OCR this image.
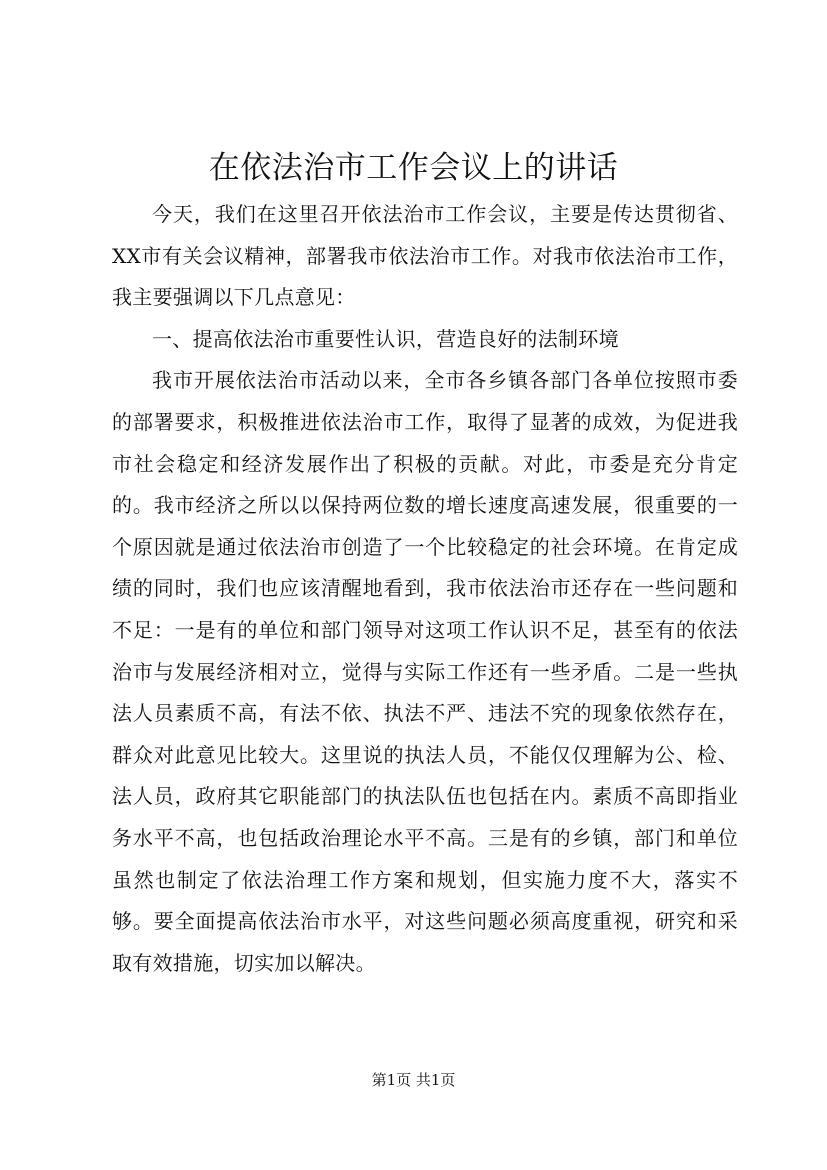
在依法治市工作会议上的讲话

今天，我们在这里召开依法治市工作会议，主要是传达贯彻省、XX市有关会议精神，部署我市依法治市工作。对我市依法治市工作，我主要强调以下几点意见：

一、提高依法治市重要性认识，营造良好的法制环境

我市开展依法治市活动以来，全市各乡镇各部门各单位按照市委的部署要求，积极推进依法治市工作，取得了显著的成效，为促进我市社会稳定和经济发展作出了积极的贡献。对此，市委是充分肯定的。我市经济之所以以保持两位数的增长速度高速发展，很重要的一个原因就是通过依法治市创造了一个比较稳定的社会环境。在肯定成绩的同时，我们也应该清醒地看到，我市依法治市还存在一些问题和不足：一是有的单位和部门领导对这项工作认识不足，甚至有的依法治市与发展经济相对立，觉得与实际工作还有一些矛盾。二是一些执法人员素质不高，有法不依、执法不严、违法不究的现象依然存在，群众对此意见比较大。这里说的执法人员，不能仅仅理解为公、检、法人员，政府其它职能部门的执法队伍也包括在内。素质不高即指业务水平不高，也包括政治理论水平不高。三是有的乡镇，部门和单位虽然也制定了依法治理工作方案和规划，但实施力度不大，落实不够。要全面提高依法治市水平，对这些问题必须高度重视，研究和采取有效措施，切实加以解决。

第1页 共1页
